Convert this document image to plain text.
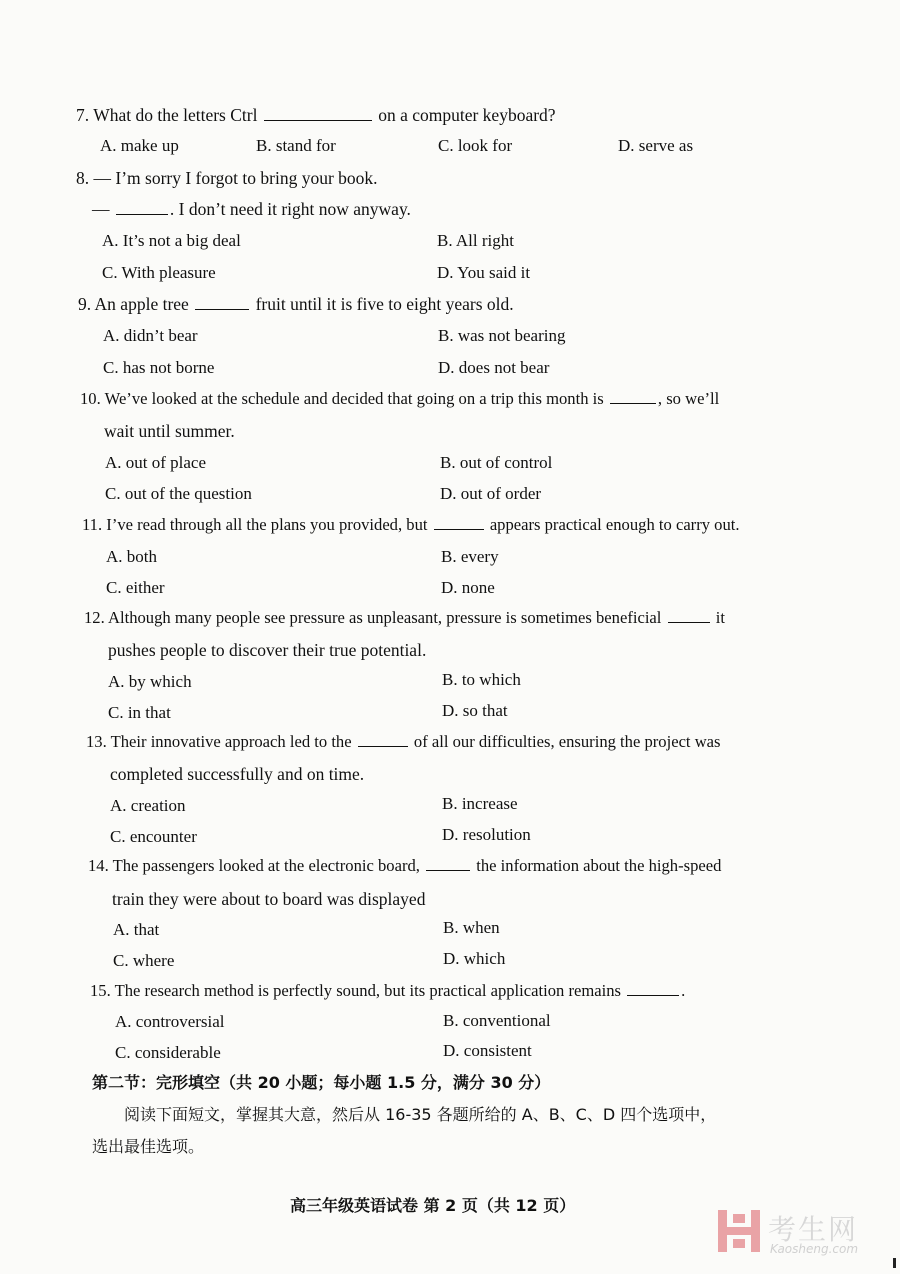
7. What do the letters Ctrl	on a computer keyboard?
A. make up	B. stand for	C. look for	D. serve as
8. — I’m sorry I forgot to bring your book.
—	. I don’t need it right now anyway.
A. It’s not a big deal	B. All right
C. With pleasure	D. You said it
9. An apple tree	fruit until it is five to eight years old.
A. didn’t bear	B. was not bearing
C. has not borne	D. does not bear
10. We’ve looked at the schedule and decided that going on a trip this month is	, so we’ll
wait until summer.
A. out of place	B. out of control
C. out of the question	D. out of order
11. I’ve read through all the plans you provided, but	appears practical enough to carry out.
A. both	B. every
C. either	D. none
12. Although many people see pressure as unpleasant, pressure is sometimes beneficial	it
pushes people to discover their true potential.
A. by which	B. to which
C. in that	D. so that
13. Their innovative approach led to the	of all our difficulties, ensuring the project was
completed successfully and on time.
A. creation	B. increase
C. encounter	D. resolution
14. The passengers looked at the electronic board,	the information about the high-speed
train they were about to board was displayed
A. that	B. when
C. where	D. which
15. The research method is perfectly sound, but its practical application remains	.
A. controversial	B. conventional
C. considerable	D. consistent
第二节：完形填空（共 20 小题；每小题 1.5 分，满分 30 分）
阅读下面短文，掌握其大意，然后从 16-35 各题所给的 A、B、C、D 四个选项中，
选出最佳选项。
高三年级英语试卷 第 2 页（共 12 页）
考生网
Kaosheng.com
